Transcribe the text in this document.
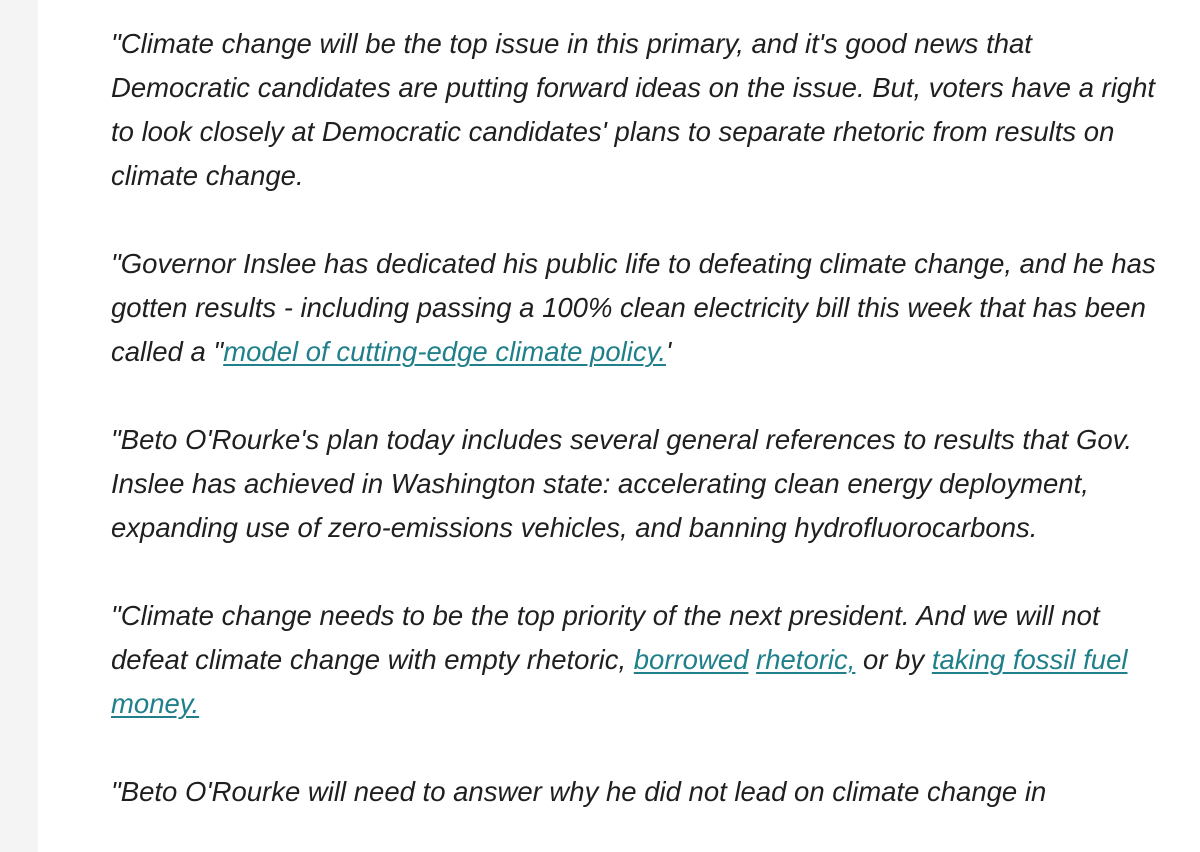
"Climate change will be the top issue in this primary, and it's good news that Democratic candidates are putting forward ideas on the issue. But, voters have a right to look closely at Democratic candidates' plans to separate rhetoric from results on climate change.

"Governor Inslee has dedicated his public life to defeating climate change, and he has gotten results - including passing a 100% clean electricity bill this week that has been called a "model of cutting-edge climate policy.'

"Beto O'Rourke's plan today includes several general references to results that Gov. Inslee has achieved in Washington state: accelerating clean energy deployment, expanding use of zero-emissions vehicles, and banning hydrofluorocarbons.

"Climate change needs to be the top priority of the next president. And we will not defeat climate change with empty rhetoric, borrowed rhetoric, or by taking fossil fuel money.

"Beto O'Rourke will need to answer why he did not lead on climate change in
